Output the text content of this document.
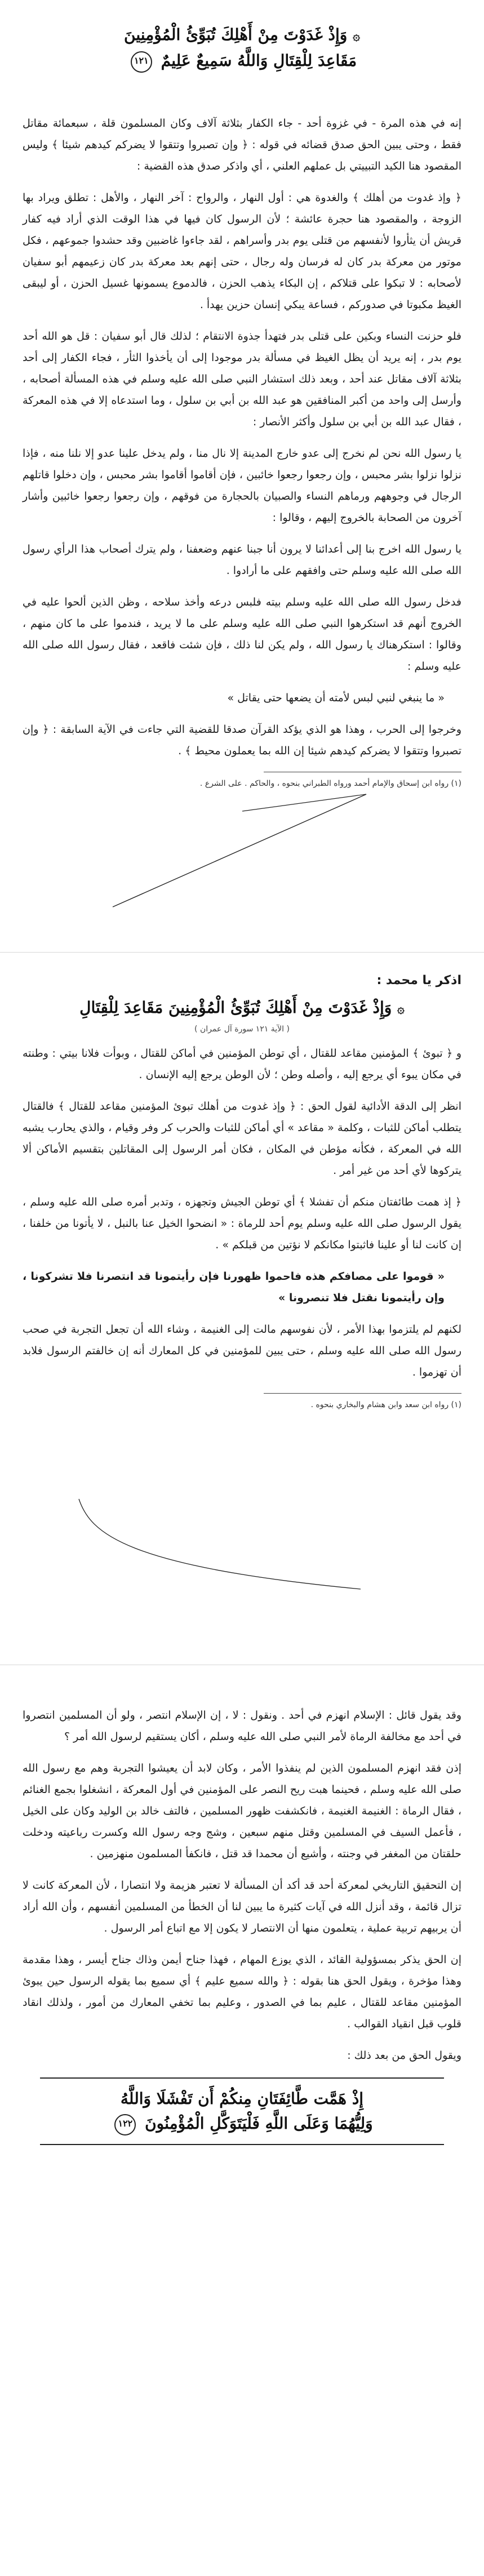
۞ وَإِذْ غَدَوْتَ مِنْ أَهْلِكَ تُبَوِّئُ الْمُؤْمِنِينَ
مَقَاعِدَ لِلْقِتَالِ وَاللَّهُ سَمِيعٌ عَلِيمٌ ١٢١

إنه في هذه المرة - في غزوة أحد - جاء الكفار بثلاثة آلاف وكان المسلمون قلة ، سبعمائة مقاتل فقط ، وحتى يبين الحق صدق قضائه في قوله : ﴿ وإن تصبروا وتتقوا لا يضركم كيدهم شيئا ﴾ وليس المقصود هنا الكيد التبييتي بل عملهم العلني ، أي واذكر صدق هذه القضية :

﴿ وإذ غدوت من أهلك ﴾ والغدوة هي : أول النهار ، والرواح : آخر النهار ، والأهل : تطلق ويراد بها الزوجة ، والمقصود هنا حجرة عائشة ؛ لأن الرسول كان فيها في هذا الوقت الذي أراد فيه كفار قريش أن يثأروا لأنفسهم من قتلى يوم بدر وأسراهم ، لقد جاءوا غاضبين وقد حشدوا جموعهم ، فكل موتور من معركة بدر كان له فرسان وله رجال ، حتى إنهم بعد معركة بدر كان زعيمهم أبو سفيان لأصحابه : لا تبكوا على قتلاكم ، إن البكاء يذهب الحزن ، فالدموع يسمونها غسيل الحزن ، أو ليبقى الغيظ مكبوتا في صدوركم ، فساعة يبكي إنسان حزين يهدأ .

فلو حزنت النساء وبكين على قتلى بدر فتهدأ جذوة الانتقام ؛ لذلك قال أبو سفيان : قل هو الله أحد يوم بدر ، إنه يريد أن يظل الغيظ في مسألة بدر موجودا إلى أن يأخذوا الثأر ، فجاء الكفار إلى أحد بثلاثة آلاف مقاتل عند أحد ، وبعد ذلك استشار النبي صلى الله عليه وسلم في هذه المسألة أصحابه ، وأرسل إلى واحد من أكبر المنافقين هو عبد الله بن أبي بن سلول ، وما استدعاه إلا في هذه المعركة ، فقال عبد الله بن أبي بن سلول وأكثر الأنصار :

يا رسول الله نحن لم نخرج إلى عدو خارج المدينة إلا نال منا ، ولم يدخل علينا عدو إلا نلنا منه ، فإذا نزلوا نزلوا بشر محبس ، وإن رجعوا رجعوا خائبين ، فإن أقاموا أقاموا بشر محبس ، وإن دخلوا قاتلهم الرجال في وجوههم ورماهم النساء والصبيان بالحجارة من فوقهم ، وإن رجعوا رجعوا خائبين وأشار آخرون من الصحابة بالخروج إليهم ، وقالوا :

يا رسول الله اخرج بنا إلى أعدائنا لا يرون أنا جبنا عنهم وضعفنا ، ولم يترك أصحاب هذا الرأي رسول الله صلى الله عليه وسلم حتى وافقهم على ما أرادوا .

فدخل رسول الله صلى الله عليه وسلم بيته فلبس درعه وأخذ سلاحه ، وظن الذين ألحوا عليه في الخروج أنهم قد استكرهوا النبي صلى الله عليه وسلم على ما لا يريد ، فندموا على ما كان منهم ، وقالوا : استكرهناك يا رسول الله ، ولم يكن لنا ذلك ، فإن شئت فاقعد ، فقال رسول الله صلى الله عليه وسلم :

« ما ينبغي لنبي لبس لأمته أن يضعها حتى يقاتل »

وخرجوا إلى الحرب ، وهذا هو الذي يؤكد القرآن صدقا للقضية التي جاءت في الآية السابقة : ﴿ وإن تصبروا وتتقوا لا يضركم كيدهم شيئا إن الله بما يعملون محيط ﴾ .

(١) رواه ابن إسحاق والإمام أحمد ورواه الطبراني بنحوه ، والحاكم . على الشرع .
اذكر يا محمد :
۞ وَإِذْ غَدَوْتَ مِنْ أَهْلِكَ تُبَوِّئُ الْمُؤْمِنِينَ مَقَاعِدَ لِلْقِتَالِ
( الآية ١٢١ سورة آل عمران )

و ﴿ تبوئ ﴾ المؤمنين مقاعد للقتال ، أي توطن المؤمنين في أماكن للقتال ، وبوأت فلانا بيتي : وطنته في مكان يبوء أي يرجع إليه ، وأصله وطن ؛ لأن الوطن يرجع إليه الإنسان .

انظر إلى الدقة الأدائية لقول الحق : ﴿ وإذ غدوت من أهلك تبوئ المؤمنين مقاعد للقتال ﴾ فالقتال يتطلب أماكن للثبات ، وكلمة « مقاعد » أي أماكن للثبات والحرب كر وفر وقيام ، والذي يحارب يشبه الله في المعركة ، فكأنه مؤطن في المكان ، فكان أمر الرسول إلى المقاتلين بتقسيم الأماكن ألا يتركوها لأي أحد من غير أمر .

﴿ إذ همت طائفتان منكم أن تفشلا ﴾ أي توطن الجيش وتجهزه ، وتدبر أمره صلى الله عليه وسلم ، يقول الرسول صلى الله عليه وسلم يوم أحد للرماة : « انضحوا الخيل عنا بالنبل ، لا يأتونا من خلفنا ، إن كانت لنا أو علينا فاثبتوا مكانكم لا نؤتين من قبلكم » .

« قوموا على مصافكم هذه فاحموا ظهورنا فإن رأيتمونا قد انتصرنا فلا تشركونا ، وإن رأيتمونا نقتل فلا تنصرونا »

لكنهم لم يلتزموا بهذا الأمر ، لأن نفوسهم مالت إلى الغنيمة ، وشاء الله أن تجعل التجربة في صحب رسول الله صلى الله عليه وسلم ، حتى يبين للمؤمنين في كل المعارك أنه إن خالفتم الرسول فلابد أن تهزموا .

(١) رواه ابن سعد وابن هشام والبخاري بنحوه .

وقد يقول قائل : الإسلام انهزم في أحد . ونقول : لا ، إن الإسلام انتصر ، ولو أن المسلمين انتصروا في أحد مع مخالفة الرماة لأمر النبي صلى الله عليه وسلم ، أكان يستقيم لرسول الله أمر ؟

إذن فقد انهزم المسلمون الذين لم ينفذوا الأمر ، وكان لابد أن يعيشوا التجربة وهم مع رسول الله صلى الله عليه وسلم ، فحينما هبت ريح النصر على المؤمنين في أول المعركة ، انشغلوا بجمع الغنائم ، فقال الرماة : الغنيمة الغنيمة ، فانكشفت ظهور المسلمين ، فالتف خالد بن الوليد وكان على الخيل ، فأعمل السيف في المسلمين وقتل منهم سبعين ، وشج وجه رسول الله وكسرت رباعيته ودخلت حلقتان من المغفر في وجنته ، وأشيع أن محمدا قد قتل ، فانكفأ المسلمون منهزمين .

إن التحقيق التاريخي لمعركة أحد قد أكد أن المسألة لا تعتبر هزيمة ولا انتصارا ، لأن المعركة كانت لا تزال قائمة ، وقد أنزل الله في آيات كثيرة ما يبين لنا أن الخطأ من المسلمين أنفسهم ، وأن الله أراد أن يربيهم تربية عملية ، يتعلمون منها أن الانتصار لا يكون إلا مع اتباع أمر الرسول .

إن الحق يذكر بمسؤولية القائد ، الذي يوزع المهام ، فهذا جناح أيمن وذاك جناح أيسر ، وهذا مقدمة وهذا مؤخرة ، ويقول الحق هنا بقوله : ﴿ والله سميع عليم ﴾ أي سميع بما يقوله الرسول حين يبوئ المؤمنين مقاعد للقتال ، عليم بما في الصدور ، وعليم بما تخفي المعارك من أمور ، ولذلك انقاد قلوب قبل انقياد القوالب .

ويقول الحق من بعد ذلك :

إِذْ هَمَّت طَّائِفَتَانِ مِنكُمْ أَن تَفْشَلَا وَاللَّهُ
وَلِيُّهُمَا وَعَلَى اللَّهِ فَلْيَتَوَكَّلِ الْمُؤْمِنُونَ ١٢٢
